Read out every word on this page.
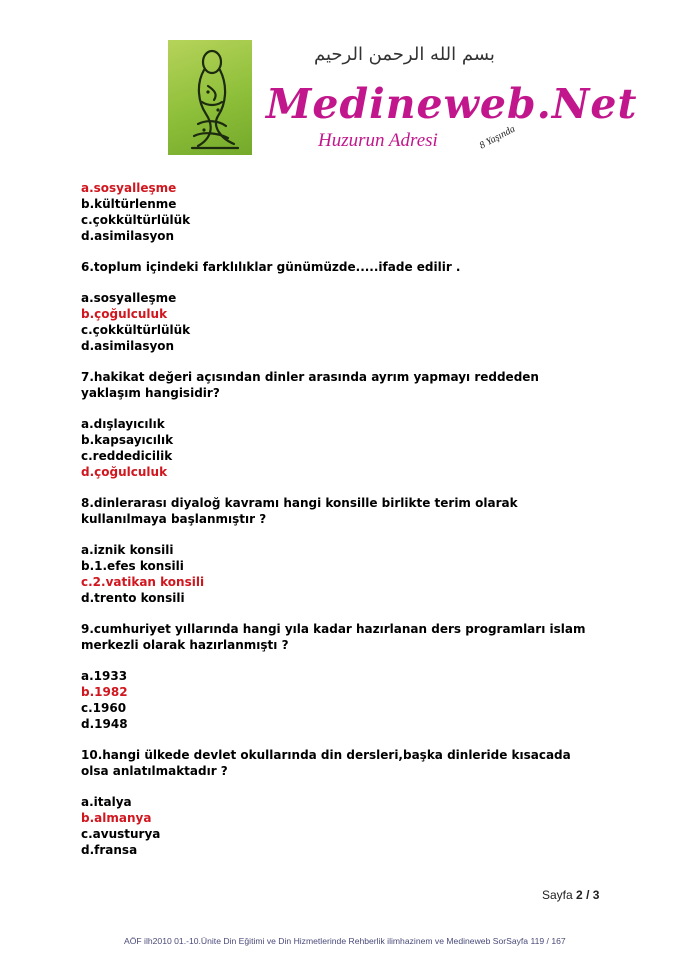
بسم الله الرحمن الرحيم
Medineweb.Net
Huzurun Adresi	8 Yaşında
a.sosyalleşme
b.kültürlenme
c.çokkültürlülük
d.asimilasyon
6.toplum içindeki farklılıklar günümüzde.....ifade edilir .
a.sosyalleşme
b.çoğulculuk
c.çokkültürlülük
d.asimilasyon
7.hakikat değeri açısından dinler arasında ayrım yapmayı reddeden yaklaşım hangisidir?
a.dışlayıcılık
b.kapsayıcılık
c.reddedicilik
d.çoğulculuk
8.dinlerarası diyaloğ kavramı hangi konsille birlikte terim olarak kullanılmaya başlanmıştır ?
a.iznik konsili
b.1.efes konsili
c.2.vatikan konsili
d.trento konsili
9.cumhuriyet yıllarında hangi yıla kadar hazırlanan ders programları islam merkezli olarak hazırlanmıştı ?
a.1933
b.1982
c.1960
d.1948
10.hangi ülkede devlet okullarında din dersleri,başka dinleride kısacada olsa anlatılmaktadır ?
a.italya
b.almanya
c.avusturya
d.fransa
Sayfa 2 / 3
AÖF ilh2010 01.-10.Ünite Din Eğitimi ve Din Hizmetlerinde Rehberlik ilimhazinem ve Medineweb SorSayfa 119 / 167
